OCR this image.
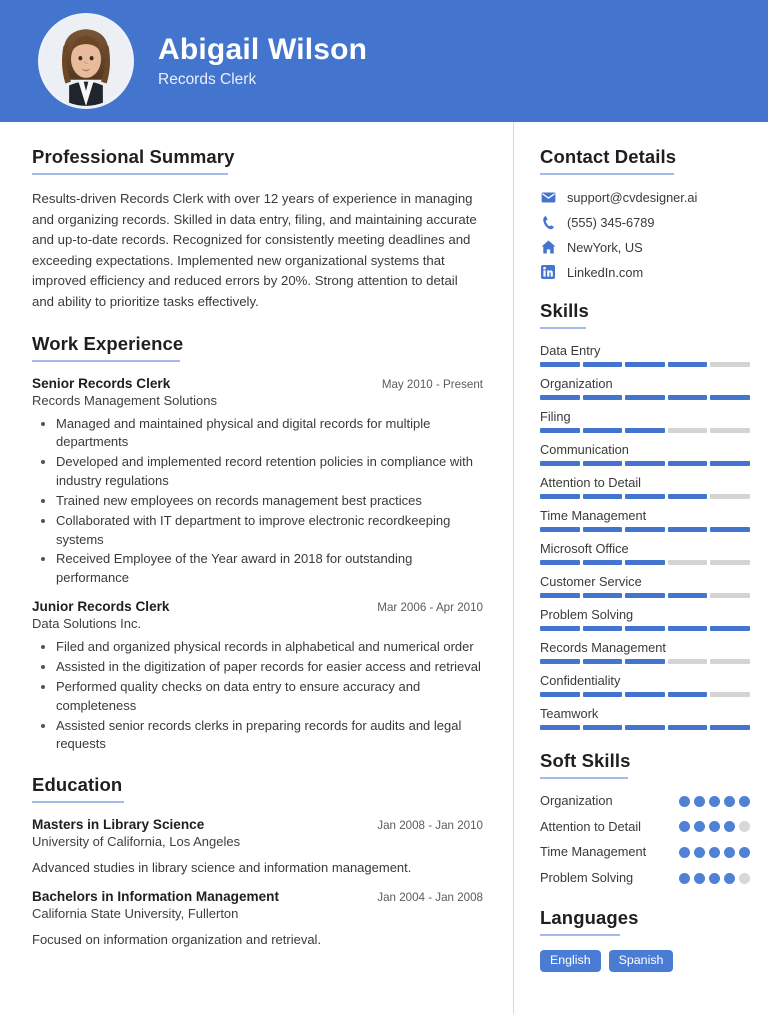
Abigail Wilson
Records Clerk
Professional Summary
Results-driven Records Clerk with over 12 years of experience in managing and organizing records. Skilled in data entry, filing, and maintaining accurate and up-to-date records. Recognized for consistently meeting deadlines and exceeding expectations. Implemented new organizational systems that improved efficiency and reduced errors by 20%. Strong attention to detail and ability to prioritize tasks effectively.
Work Experience
Senior Records Clerk	May 2010 - Present
Records Management Solutions
• Managed and maintained physical and digital records for multiple departments
• Developed and implemented record retention policies in compliance with industry regulations
• Trained new employees on records management best practices
• Collaborated with IT department to improve electronic recordkeeping systems
• Received Employee of the Year award in 2018 for outstanding performance
Junior Records Clerk	Mar 2006 - Apr 2010
Data Solutions Inc.
• Filed and organized physical records in alphabetical and numerical order
• Assisted in the digitization of paper records for easier access and retrieval
• Performed quality checks on data entry to ensure accuracy and completeness
• Assisted senior records clerks in preparing records for audits and legal requests
Education
Masters in Library Science	Jan 2008 - Jan 2010
University of California, Los Angeles
Advanced studies in library science and information management.
Bachelors in Information Management	Jan 2004 - Jan 2008
California State University, Fullerton
Focused on information organization and retrieval.
Contact Details
support@cvdesigner.ai
(555) 345-6789
NewYork, US
LinkedIn.com
Skills
Data Entry
Organization
Filing
Communication
Attention to Detail
Time Management
Microsoft Office
Customer Service
Problem Solving
Records Management
Confidentiality
Teamwork
Soft Skills
Organization
Attention to Detail
Time Management
Problem Solving
Languages
English	Spanish
